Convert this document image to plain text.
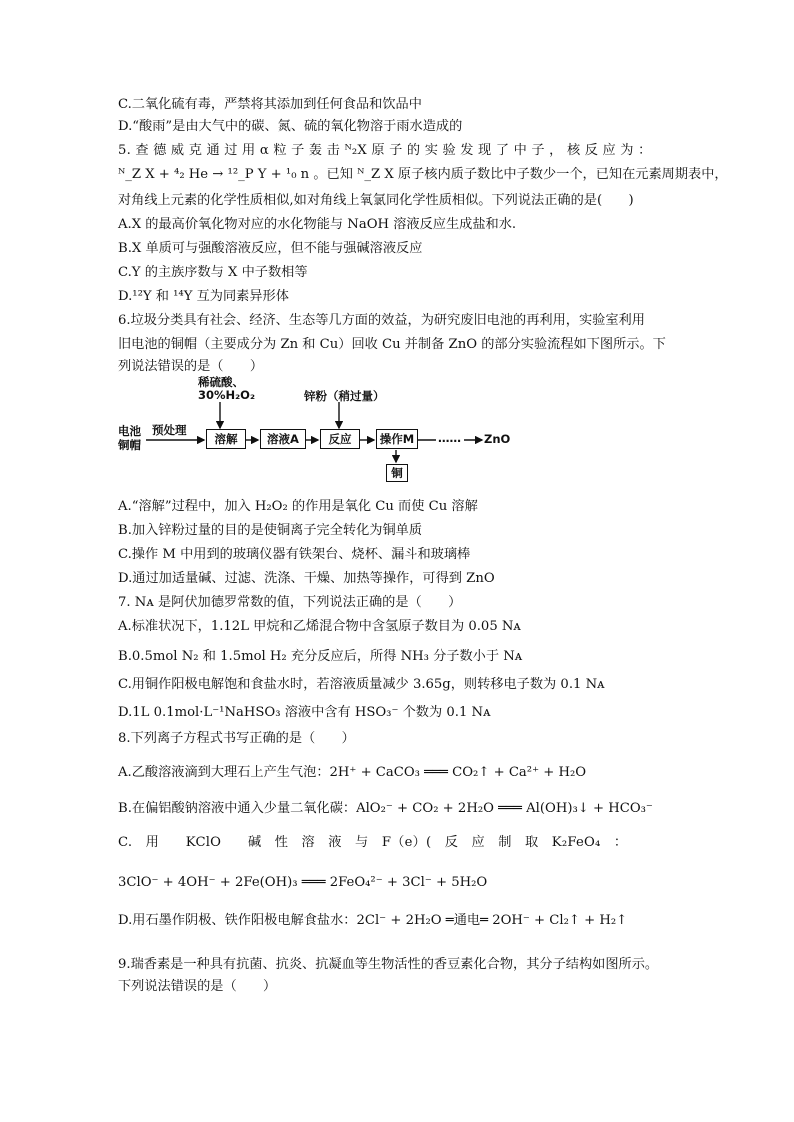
C.二氧化硫有毒，严禁将其添加到任何食品和饮品中
D.“酸雨”是由大气中的碳、氮、硫的氧化物溶于雨水造成的
5. 查 德 威 克 通 过 用 α 粒 子 轰 击 ᴺ₂X 原 子 的 实 验 发 现 了 中 子 ， 核 反 应 为 ：
ᴺ_Z X + ⁴₂ He → ¹²_P Y + ¹₀ n 。已知 ᴺ_Z X 原子核内质子数比中子数少一个，已知在元素周期表中，
对角线上元素的化学性质相似,如对角线上氧氯同化学性质相似。下列说法正确的是(　　)
A.X 的最高价氧化物对应的水化物能与 NaOH 溶液反应生成盐和水.
B.X 单质可与强酸溶液反应，但不能与强碱溶液反应
C.Y 的主族序数与 X 中子数相等
D.¹²Y 和 ¹⁴Y 互为同素异形体
6.垃圾分类具有社会、经济、生态等几方面的效益，为研究废旧电池的再利用，实验室利用
旧电池的铜帽（主要成分为 Zn 和 Cu）回收 Cu 并制备 ZnO 的部分实验流程如下图所示。下
列说法错误的是（　　）
电池铜帽
预处理
稀硫酸、30%H₂O₂
溶解	溶液A
锌粉（稍过量）
反应	操作M	…… ZnO
铜
A.“溶解”过程中，加入 H₂O₂ 的作用是氧化 Cu 而使 Cu 溶解
B.加入锌粉过量的目的是使铜离子完全转化为铜单质
C.操作 M 中用到的玻璃仪器有铁架台、烧杯、漏斗和玻璃棒
D.通过加适量碱、过滤、洗涤、干燥、加热等操作，可得到 ZnO
7. Nᴀ 是阿伏加德罗常数的值，下列说法正确的是（　　）
A.标准状况下，1.12L 甲烷和乙烯混合物中含氢原子数目为 0.05 Nᴀ
B.0.5mol N₂ 和 1.5mol H₂ 充分反应后，所得 NH₃ 分子数小于 Nᴀ
C.用铜作阳极电解饱和食盐水时，若溶液质量减少 3.65g，则转移电子数为 0.1 Nᴀ
D.1L 0.1mol·L⁻¹NaHSO₃ 溶液中含有 HSO₃⁻ 个数为 0.1 Nᴀ
8.下列离子方程式书写正确的是（　　）
A.乙酸溶液滴到大理石上产生气泡：2H⁺ + CaCO₃ ═══ CO₂↑ + Ca²⁺ + H₂O
B.在偏铝酸钠溶液中通入少量二氧化碳：AlO₂⁻ + CO₂ + 2H₂O ═══ Al(OH)₃↓ + HCO₃⁻
C.　用　　KClO　　碱　性　溶　液　与　F（e）(　反　应　制　取　K₂FeO₄　：
3ClO⁻ + 4OH⁻ + 2Fe(OH)₃ ═══ 2FeO₄²⁻ + 3Cl⁻ + 5H₂O
D.用石墨作阴极、铁作阳极电解食盐水：2Cl⁻ + 2H₂O ═通电═ 2OH⁻ + Cl₂↑ + H₂↑
9.瑞香素是一种具有抗菌、抗炎、抗凝血等生物活性的香豆素化合物，其分子结构如图所示。
下列说法错误的是（　　）
